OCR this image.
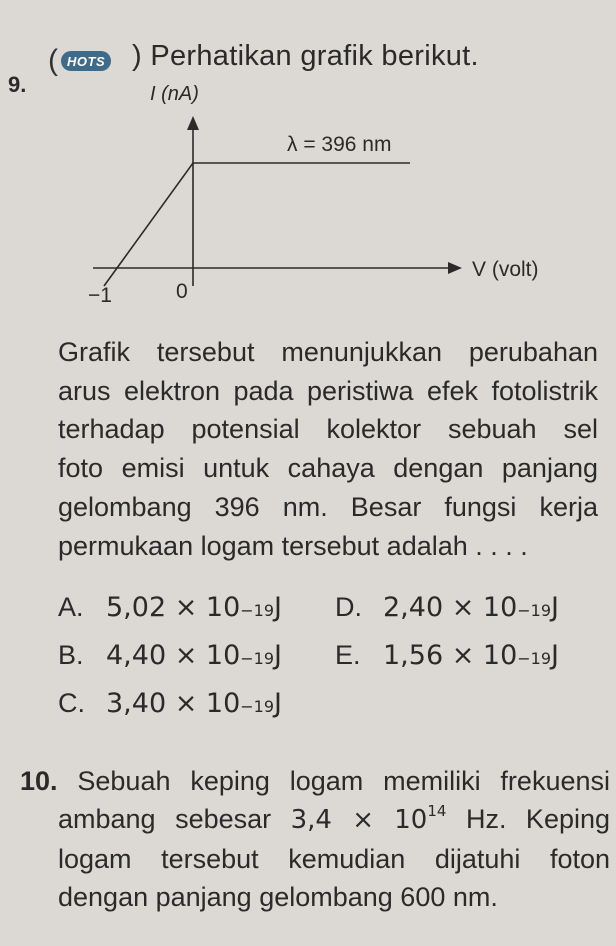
9.
( HOTS ) Perhatikan grafik berikut.
I (nA)
λ = 396 nm
V (volt)
−1	0
Grafik tersebut menunjukkan perubahan
arus elektron pada peristiwa efek fotolistrik
terhadap potensial kolektor sebuah sel
foto emisi untuk cahaya dengan panjang
gelombang 396 nm. Besar fungsi kerja
permukaan logam tersebut adalah . . . .
A. 5,02 × 10 −19 J D. 2,40 × 10 −19 J
B. 4,40 × 10 −19 J E. 1,56 × 10 −19 J
C. 3,40 × 10 −19 J
10. Sebuah keping logam memiliki frekuensi
ambang sebesar $3,4 \times 10^{14}$ Hz. Keping
logam tersebut kemudian dijatuhi foton
dengan panjang gelombang 600 nm.
